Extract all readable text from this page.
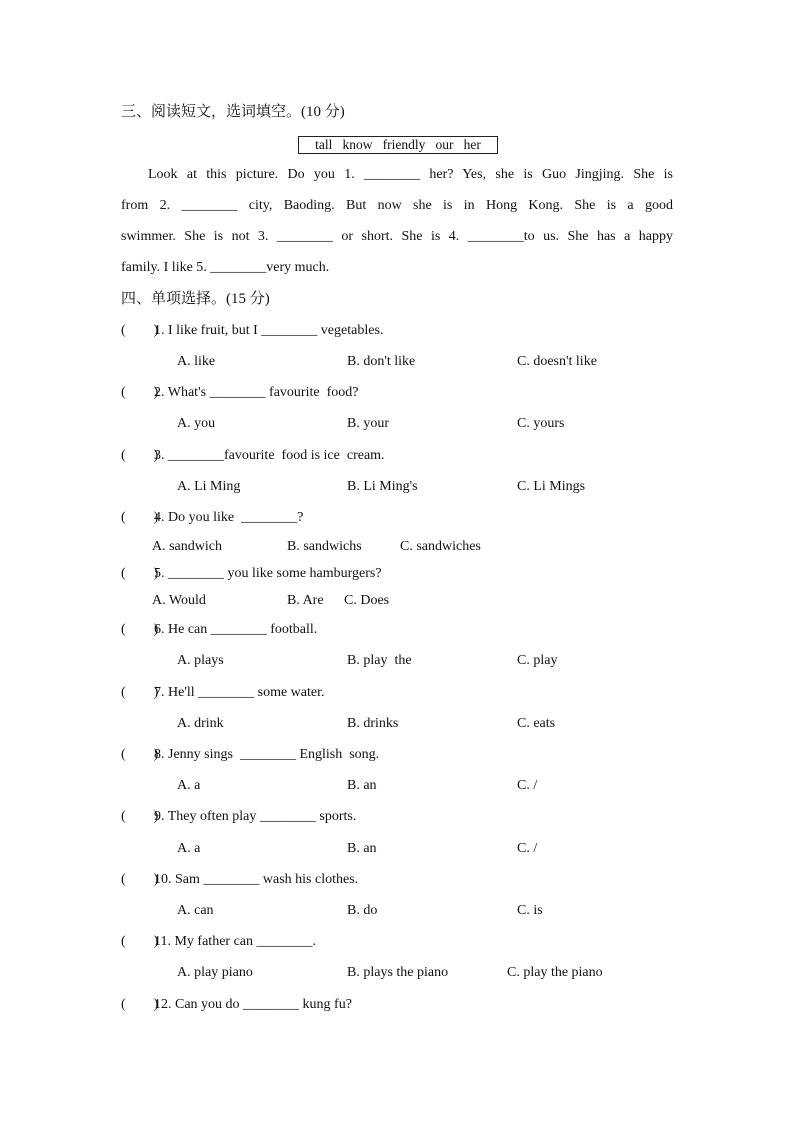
三、阅读短文，选词填空。(10 分)
tall   know   friendly   our   her
Look at this picture. Do you 1. ________ her? Yes, she is Guo Jingjing. She is
from 2. ________ city, Baoding. But now she is in Hong Kong. She is a good
swimmer. She is not 3. ________ or short. She is 4. ________to us. She has a happy
family. I like 5. ________very much.
四、单项选择。(15 分)
(        )
1. I like fruit, but I ________ vegetables.
A. like	B. don't like	C. doesn't like
(        )
2. What's ________ favourite  food?
A. you	B. your	C. yours
(        )
3. ________favourite  food is ice  cream.
A. Li Ming	B. Li Ming's	C. Li Mings
(        )
4. Do you like  ________?
A. sandwich	B. sandwichs	C. sandwiches
(        )
5. ________ you like some hamburgers?
A. Would	B. Are C. Does
(        )
6. He can ________ football.
A. plays	B. play  the	C. play
(        )
7. He'll ________ some water.
A. drink	B. drinks	C. eats
(        )
8. Jenny sings  ________ English  song.
A. a	B. an	C. /
(        )
9. They often play ________ sports.
A. a	B. an	C. /
(        )
10. Sam ________ wash his clothes.
A. can	B. do	C. is
(        )
11. My father can ________.
A. play piano	B. plays the piano	C. play the piano
(        )
12. Can you do ________ kung fu?
